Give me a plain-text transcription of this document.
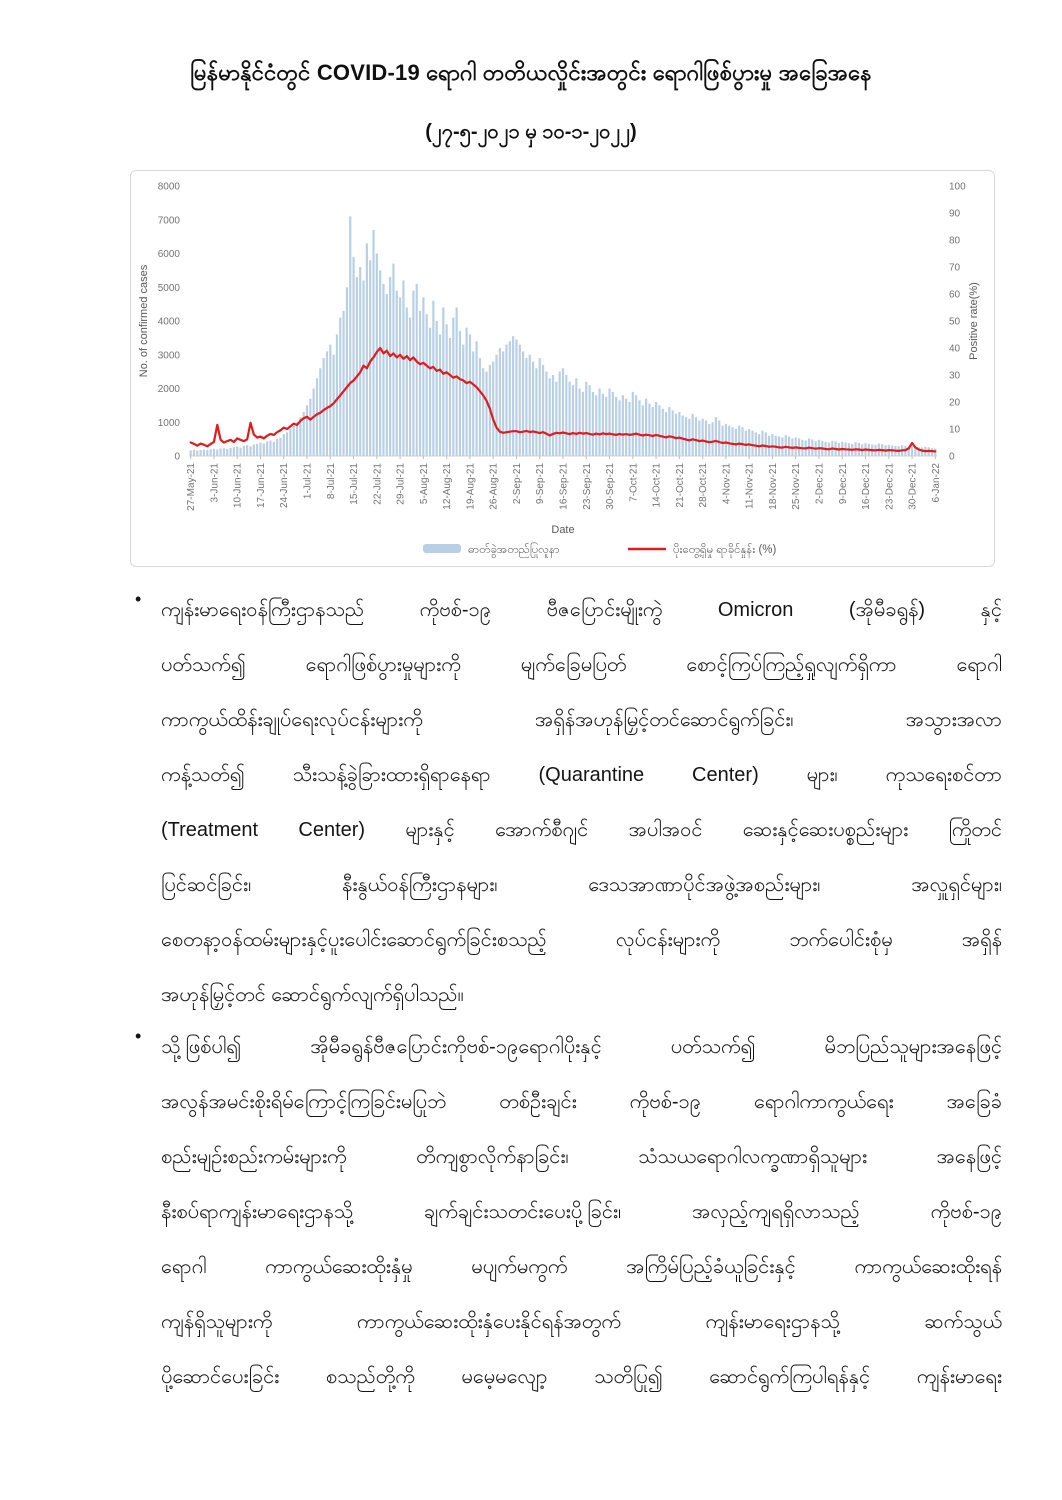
မြန်မာနိုင်ငံတွင် COVID-19 ရောဂါ တတိယလှိုင်းအတွင်း ရောဂါဖြစ်ပွားမှု အခြေအနေ
(၂၇-၅-၂၀၂၁ မှ ၁၀-၁-၂၀၂၂)
0
1000
2000
3000
4000
5000
6000
7000
8000
0
10
20
30
40
50
60
70
80
90
100
No. of confirmed cases	Positive rate(%)
27-May-21 3-Jun-21 10-Jun-21 17-Jun-21 24-Jun-21 1-Jul-21 8-Jul-21 15-Jul-21 22-Jul-21 29-Jul-21 5-Aug-21 12-Aug-21 19-Aug-21 26-Aug-21 2-Sep-21 9-Sep-21 16-Sep-21 23-Sep-21 30-Sep-21 7-Oct-21 14-Oct-21 21-Oct-21 28-Oct-21 4-Nov-21 11-Nov-21 18-Nov-21 25-Nov-21 2-Dec-21 9-Dec-21 16-Dec-21 23-Dec-21 30-Dec-21 6-Jan-22
Date
ဓာတ်ခွဲအတည်ပြုလူနာ	ပိုးတွေ့ရှိမှု ရာခိုင်နှုန်း (%)
• ကျန်းမာရေးဝန်ကြီးဌာနသည် ကိုဗစ်-၁၉ ဗီဇပြောင်းမျိုးကွဲ Omicron (အိုမီခရွန်) နှင့်
ပတ်သက်၍ ရောဂါဖြစ်ပွားမှုများကို မျက်ခြေမပြတ် စောင့်ကြပ်ကြည့်ရှုလျက်ရှိကာ ရောဂါ
ကာကွယ်ထိန်းချုပ်ရေးလုပ်ငန်းများကို အရှိန်အဟုန်မြှင့်တင်ဆောင်ရွက်ခြင်း၊ အသွားအလာ
ကန့်သတ်၍ သီးသန့်ခွဲခြားထားရှိရာနေရာ (Quarantine Center) များ၊ ကုသရေးစင်တာ
(Treatment Center) များနှင့် အောက်စီဂျင် အပါအဝင် ဆေးနှင့်ဆေးပစ္စည်းများ ကြိုတင်
ပြင်ဆင်ခြင်း၊ နီးနွယ်ဝန်ကြီးဌာနများ၊ ဒေသအာဏာပိုင်အဖွဲ့အစည်းများ၊ အလှူရှင်များ၊
စေတနာ့ဝန်ထမ်းများနှင့်ပူးပေါင်းဆောင်ရွက်ခြင်းစသည့် လုပ်ငန်းများကို ဘက်ပေါင်းစုံမှ အရှိန်
အဟုန်မြှင့်တင် ဆောင်ရွက်လျက်ရှိပါသည်။
• သို့ဖြစ်ပါ၍ အိုမီခရွန်ဗီဇပြောင်းကိုဗစ်-၁၉ရောဂါပိုးနှင့် ပတ်သက်၍ မိဘပြည်သူများအနေဖြင့်
အလွန်အမင်းစိုးရိမ်ကြောင့်ကြခြင်းမပြုဘဲ တစ်ဦးချင်း ကိုဗစ်-၁၉ ရောဂါကာကွယ်ရေး အခြေခံ
စည်းမျဉ်းစည်းကမ်းများကို တိကျစွာလိုက်နာခြင်း၊ သံသယရောဂါလက္ခဏာရှိသူများ အနေဖြင့်
နီးစပ်ရာကျန်းမာရေးဌာနသို့ ချက်ချင်းသတင်းပေးပို့ခြင်း၊ အလှည့်ကျရရှိလာသည့် ကိုဗစ်-၁၉
ရောဂါ ကာကွယ်ဆေးထိုးနှံမှု မပျက်မကွက် အကြိမ်ပြည့်ခံယူခြင်းနှင့် ကာကွယ်ဆေးထိုးရန်
ကျန်ရှိသူများကို ကာကွယ်ဆေးထိုးနှံပေးနိုင်ရန်အတွက် ကျန်းမာရေးဌာနသို့ ဆက်သွယ်
ပို့ဆောင်ပေးခြင်း စသည်တို့ကို မမေ့မလျော့ သတိပြု၍ ဆောင်ရွက်ကြပါရန်နှင့် ကျန်းမာရေး
